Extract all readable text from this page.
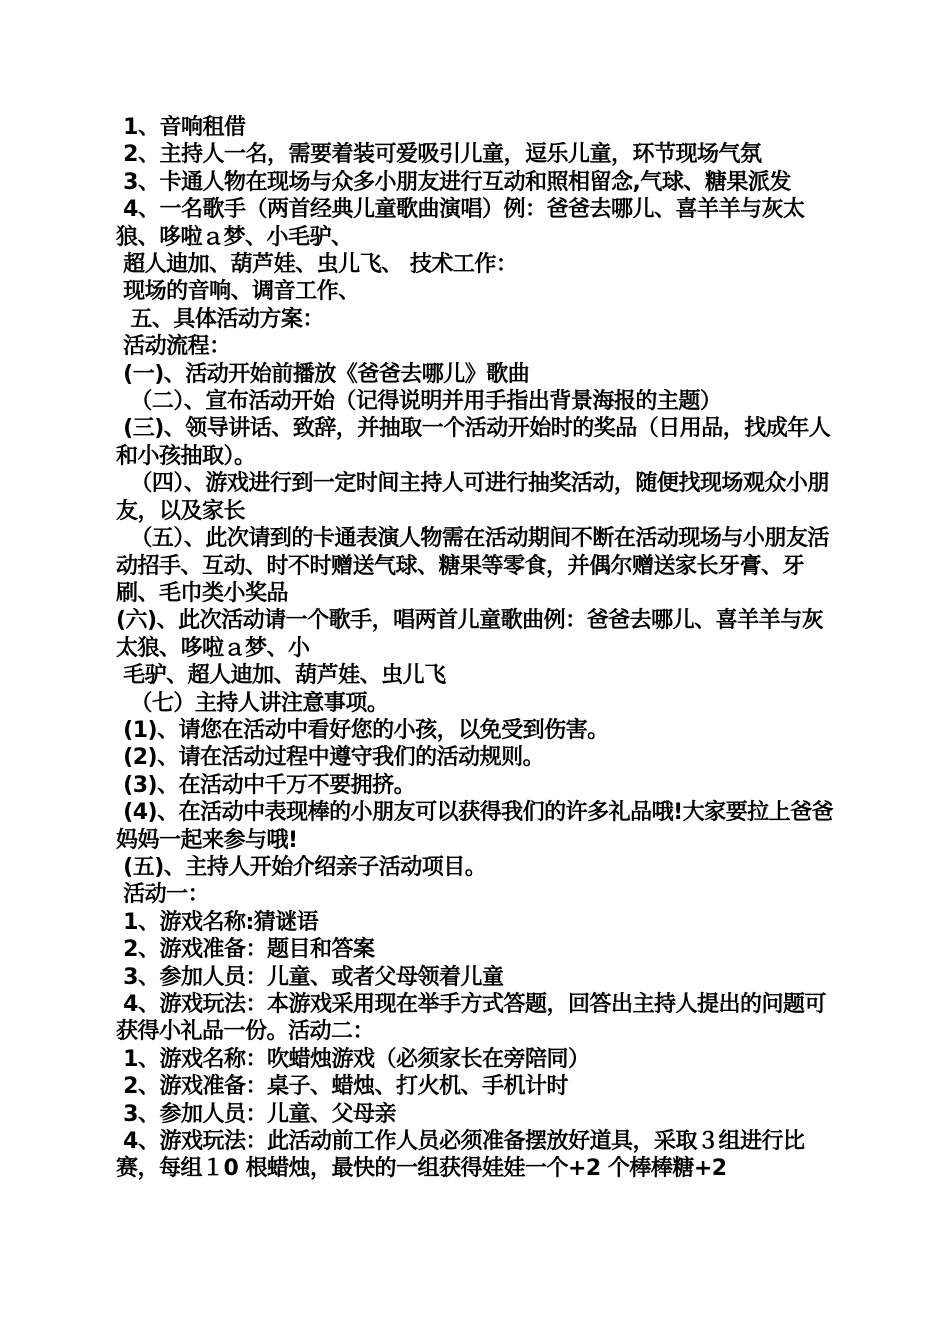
1、音响租借

2、主持人一名，需要着装可爱吸引儿童，逗乐儿童，环节现场气氛

3、卡通人物在现场与众多小朋友进行互动和照相留念,气球、糖果派发

4、一名歌手（两首经典儿童歌曲演唱）例：爸爸去哪儿、喜羊羊与灰太狼、哆啦ａ梦、小毛驴、

超人迪加、葫芦娃、虫儿飞、 技术工作：

现场的音响、调音工作、

五、具体活动方案：

活动流程：

(一)、活动开始前播放《爸爸去哪儿》歌曲

（二）、宣布活动开始（记得说明并用手指出背景海报的主题）

(三)、领导讲话、致辞，并抽取一个活动开始时的奖品（日用品，找成年人和小孩抽取）。

（四）、游戏进行到一定时间主持人可进行抽奖活动，随便找现场观众小朋友，以及家长

（五）、此次请到的卡通表演人物需在活动期间不断在活动现场与小朋友活动招手、互动、时不时赠送气球、糖果等零食，并偶尔赠送家长牙膏、牙刷、毛巾类小奖品

(六)、此次活动请一个歌手，唱两首儿童歌曲例：爸爸去哪儿、喜羊羊与灰太狼、哆啦ａ梦、小

毛驴、超人迪加、葫芦娃、虫儿飞

（七）主持人讲注意事项。

(1)、请您在活动中看好您的小孩，以免受到伤害。

(2)、请在活动过程中遵守我们的活动规则。

(3)、在活动中千万不要拥挤。

(4)、在活动中表现棒的小朋友可以获得我们的许多礼品哦!大家要拉上爸爸妈妈一起来参与哦!

(五)、主持人开始介绍亲子活动项目。

活动一：

1、游戏名称:猜谜语

2、游戏准备：题目和答案

3、参加人员：儿童、或者父母领着儿童

4、游戏玩法：本游戏采用现在举手方式答题，回答出主持人提出的问题可获得小礼品一份。活动二：

1、游戏名称：吹蜡烛游戏（必须家长在旁陪同）

2、游戏准备：桌子、蜡烛、打火机、手机计时

3、参加人员：儿童、父母亲

4、游戏玩法：此活动前工作人员必须准备摆放好道具，采取３组进行比赛，每组１0 根蜡烛，最快的一组获得娃娃一个+2 个棒棒糖+2
